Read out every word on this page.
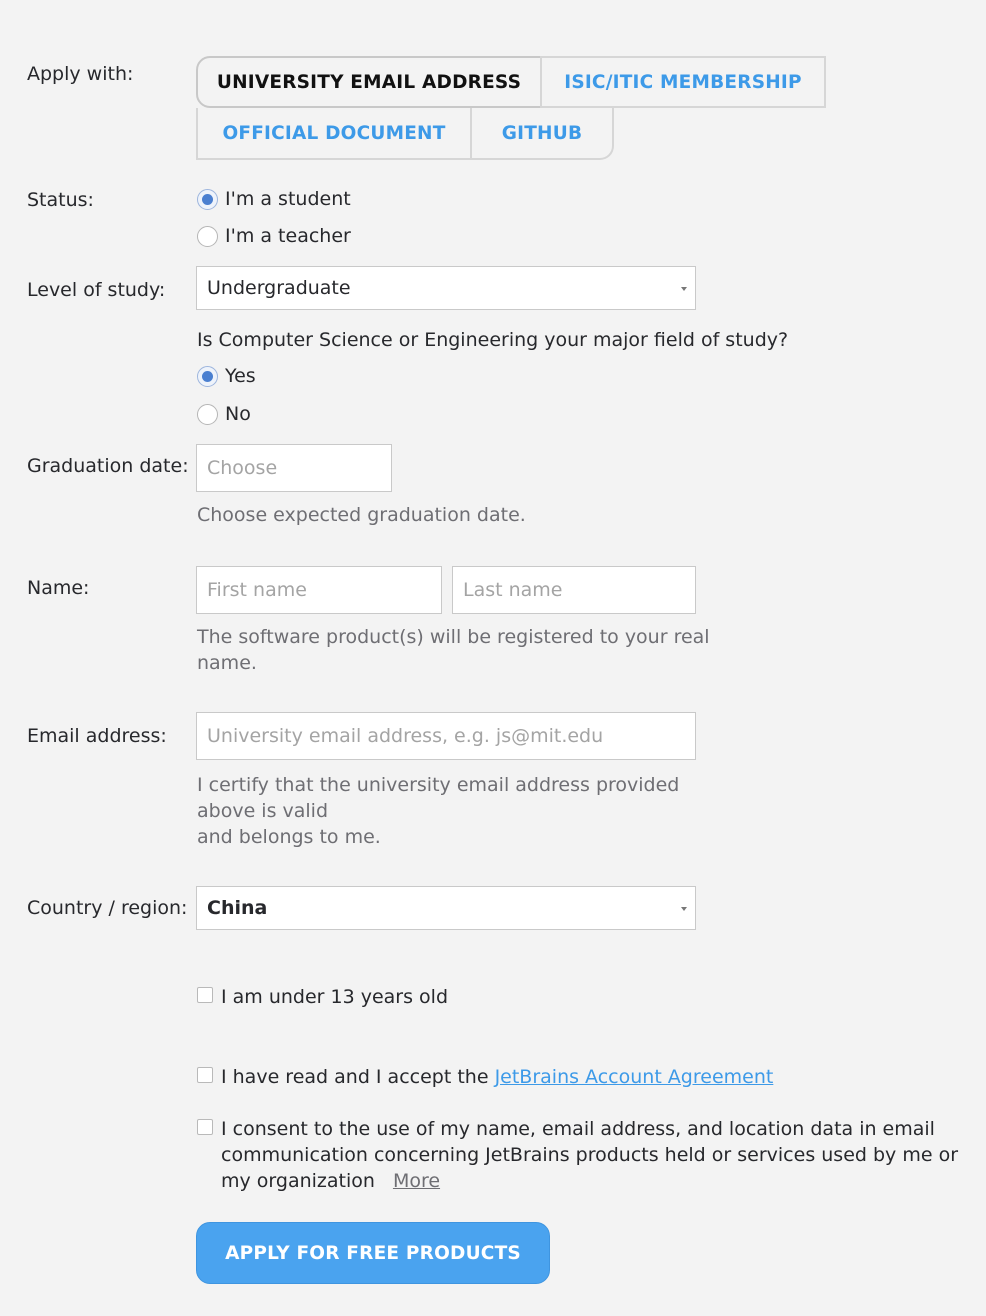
Apply with:	UNIVERSITY EMAIL ADDRESS	ISIC/ITIC MEMBERSHIP
OFFICIAL DOCUMENT	GITHUB
Status:	I'm a student
I'm a teacher
Level of study: Undergraduate
Is Computer Science or Engineering your major field of study?
Yes
No
Graduation date: Choose
Choose expected graduation date.
Name:	First name	Last name
The software product(s) will be registered to your real
name.
Email address: University email address, e.g. js@mit.edu
I certify that the university email address provided
above is valid
and belongs to me.
Country / region: China
I am under 13 years old
I have read and I accept the JetBrains Account Agreement
I consent to the use of my name, email address, and location data in email
communication concerning JetBrains products held or services used by me or
my organization More
APPLY FOR FREE PRODUCTS
